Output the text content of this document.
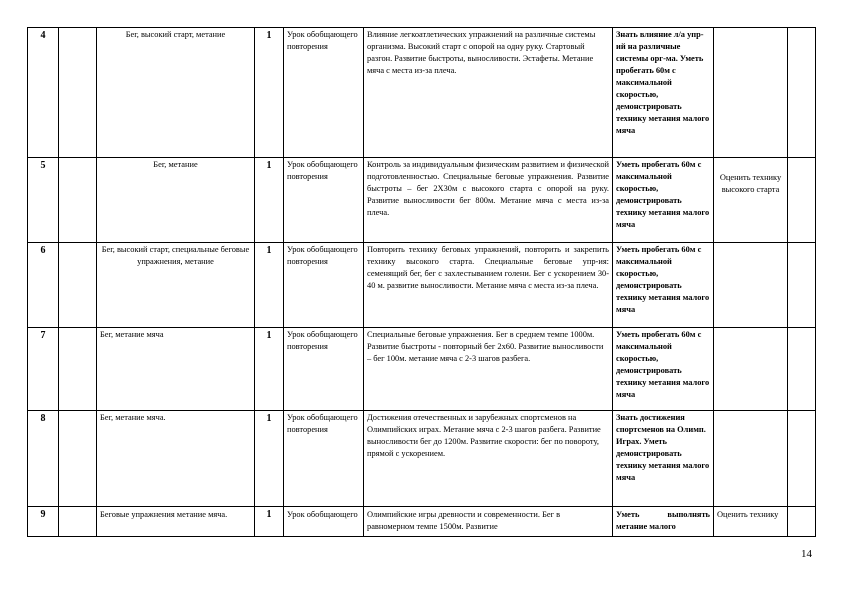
4		Бег, высокий старт, метание	1	Урок обобщающего повторения	Влияние легкоатлетических упражнений на различные системы организма. Высокий старт с опорой на одну руку. Стартовый разгон. Развитие быстроты, выносливости. Эстафеты. Метание мяча с места из-за плеча.	Знать влияние л/а упр-ий на различные системы орг-ма. Уметь пробегать 60м с максимальной скоростью, демонстрировать технику метания малого мяча		
5		Бег, метание	1	Урок обобщающего повторения	Контроль за индивидуальным физическим развитием и физической подготовленностью. Специальные беговые упражнения. Развитие быстроты – бег 2Х30м с высокого старта с опорой на руку. Развитие выносливости бег 800м. Метание мяча с места из-за плеча.	Уметь пробегать 60м с максимальной скоростью, демонстрировать технику метания малого мяча	Оценить технику высокого старта	
6		Бег, высокий старт, специальные беговые упражнения, метание	1	Урок обобщающего повторения	Повторить технику беговых упражнений, повторить и закрепить технику высокого старта. Специальные беговые упр-ия: семенящий бег, бег с захлестыванием голени. Бег с ускорением 30-40 м. развитие выносливости. Метание мяча с места из-за плеча.	Уметь пробегать 60м с максимальной скоростью, демонстрировать технику метания малого мяча		
7		Бег, метание мяча	1	Урок обобщающего повторения	Специальные беговые упражнения. Бег в среднем темпе 1000м. Развитие быстроты - повторный бег 2х60. Развитие выносливости – бег 100м. метание мяча с 2-3 шагов разбега.	Уметь пробегать 60м с максимальной скоростью, демонстрировать технику метания малого мяча		
8		Бег, метание мяча.	1	Урок обобщающего повторения	Достижения отечественных и зарубежных спортсменов на Олимпийских играх. Метание мяча с 2-3 шагов разбега. Развитие выносливости бег до 1200м. Развитие скорости: бег по повороту, прямой с ускорением.	Знать достижения спортсменов на Олимп. Играх. Уметь демонстрировать технику метания малого мяча		

9		Беговые упражнения метание мяча.	1	Урок обобщающего	Олимпийские игры древности и современности. Бег в равномерном темпе 1500м. Развитие	Уметь выполнять метание малого	Оценить технику	

14
